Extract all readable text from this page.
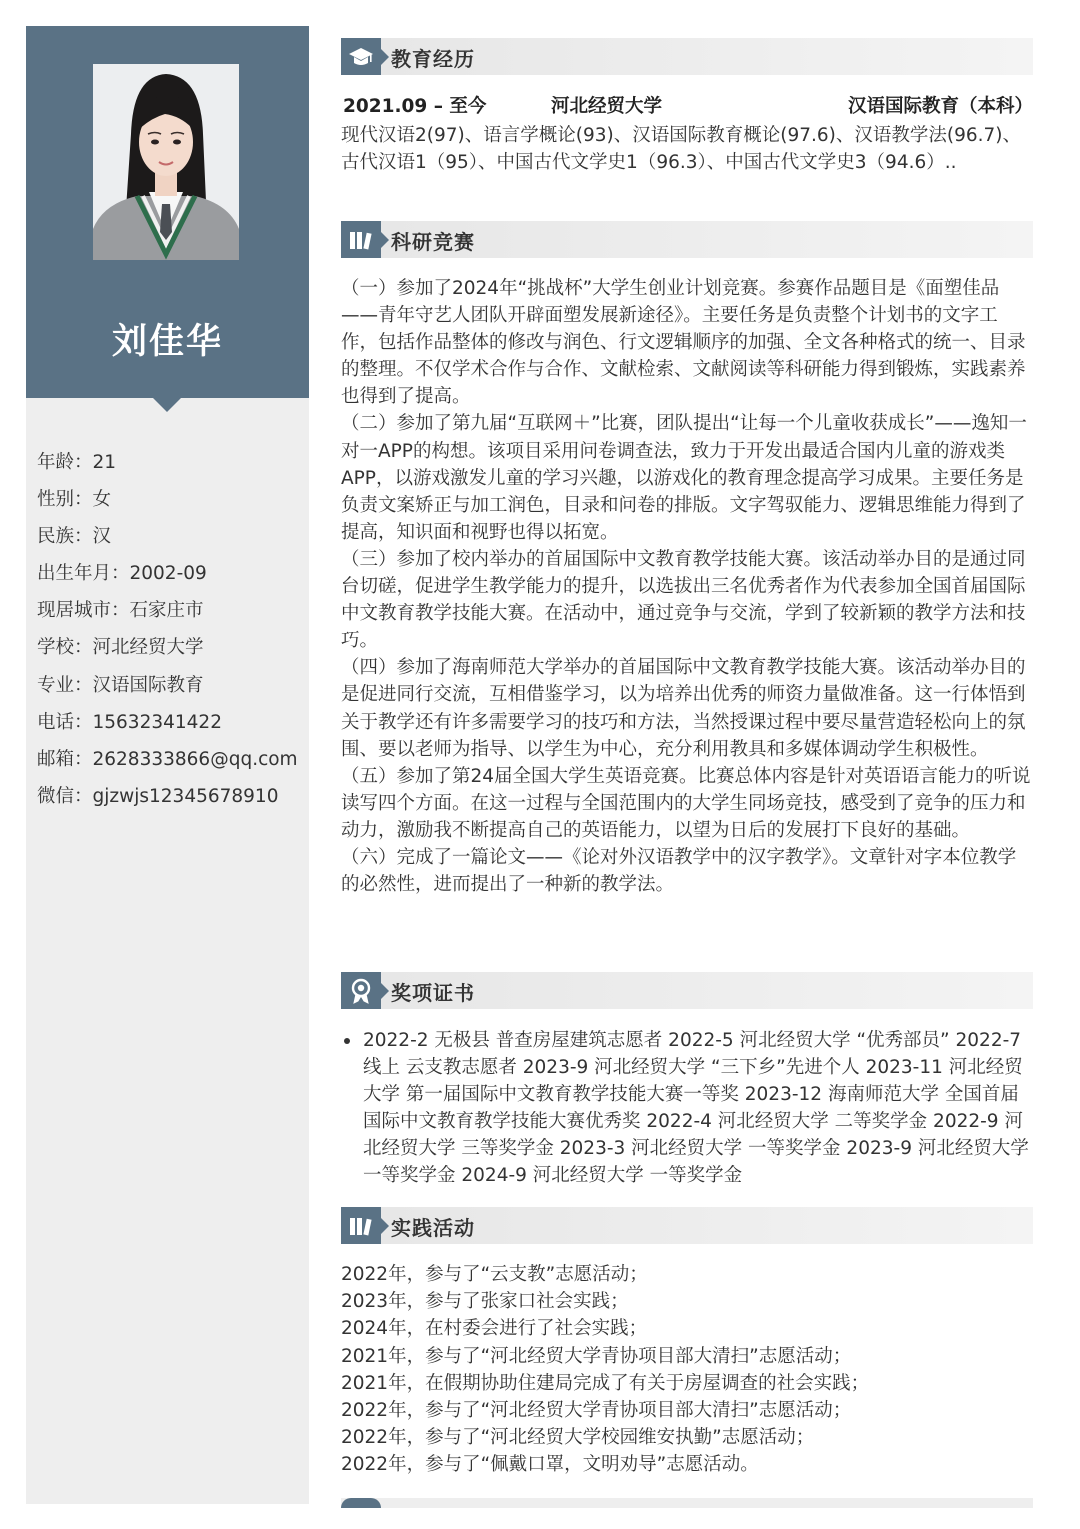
刘佳华
年龄：21
性别：女
民族：汉
出生年月：2002-09
现居城市：石家庄市
学校：河北经贸大学
专业：汉语国际教育
电话：15632341422
邮箱：2628333866@qq.com
微信：gjzwjs12345678910
教育经历
2021.09 – 至今	河北经贸大学	汉语国际教育（本科）

现代汉语2(97)、语言学概论(93)、汉语国际教育概论(97.6)、汉语教学法(96.7)、古代汉语1（95）、中国古代文学史1（96.3）、中国古代文学史3（94.6）..

科研竞赛

（一）参加了2024年“挑战杯”大学生创业计划竞赛。参赛作品题目是《面塑佳品——青年守艺人团队开辟面塑发展新途径》。主要任务是负责整个计划书的文字工作，包括作品整体的修改与润色、行文逻辑顺序的加强、全文各种格式的统一、目录的整理。不仅学术合作与合作、文献检索、文献阅读等科研能力得到锻炼，实践素养也得到了提高。

（二）参加了第九届“互联网＋”比赛，团队提出“让每一个儿童收获成长”——逸知一对一APP的构想。该项目采用问卷调查法，致力于开发出最适合国内儿童的游戏类APP，以游戏激发儿童的学习兴趣，以游戏化的教育理念提高学习成果。主要任务是负责文案矫正与加工润色，目录和问卷的排版。文字驾驭能力、逻辑思维能力得到了提高，知识面和视野也得以拓宽。

（三）参加了校内举办的首届国际中文教育教学技能大赛。该活动举办目的是通过同台切磋，促进学生教学能力的提升，以选拔出三名优秀者作为代表参加全国首届国际中文教育教学技能大赛。在活动中，通过竞争与交流，学到了较新颖的教学方法和技巧。

（四）参加了海南师范大学举办的首届国际中文教育教学技能大赛。该活动举办目的是促进同行交流，互相借鉴学习，以为培养出优秀的师资力量做准备。这一行体悟到关于教学还有许多需要学习的技巧和方法，当然授课过程中要尽量营造轻松向上的氛围、要以老师为指导、以学生为中心，充分利用教具和多媒体调动学生积极性。

（五）参加了第24届全国大学生英语竞赛。比赛总体内容是针对英语语言能力的听说读写四个方面。在这一过程与全国范围内的大学生同场竞技，感受到了竞争的压力和动力，激励我不断提高自己的英语能力，以望为日后的发展打下良好的基础。

（六）完成了一篇论文——《论对外汉语教学中的汉字教学》。文章针对字本位教学的必然性，进而提出了一种新的教学法。

奖项证书

2022-2 无极县 普查房屋建筑志愿者 2022-5 河北经贸大学 “优秀部员” 2022-7 线上 云支教志愿者 2023-9 河北经贸大学 “三下乡”先进个人 2023-11 河北经贸大学 第一届国际中文教育教学技能大赛一等奖 2023-12 海南师范大学 全国首届国际中文教育教学技能大赛优秀奖 2022-4 河北经贸大学 二等奖学金 2022-9 河北经贸大学 三等奖学金 2023-3 河北经贸大学 一等奖学金 2023-9 河北经贸大学 一等奖学金 2024-9 河北经贸大学 一等奖学金

实践活动
2022年，参与了“云支教”志愿活动；
2023年，参与了张家口社会实践；
2024年，在村委会进行了社会实践；
2021年，参与了“河北经贸大学青协项目部大清扫”志愿活动；
2021年，在假期协助住建局完成了有关于房屋调查的社会实践；
2022年，参与了“河北经贸大学青协项目部大清扫”志愿活动；
2022年，参与了“河北经贸大学校园维安执勤”志愿活动；
2022年，参与了“佩戴口罩，文明劝导”志愿活动。
